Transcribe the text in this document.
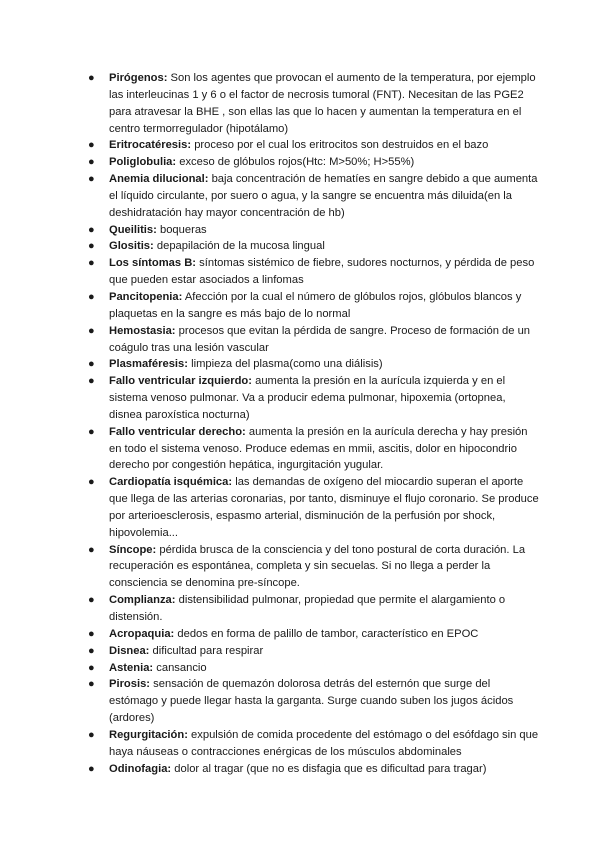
● Pirógenos: Son los agentes que provocan el aumento de la temperatura, por ejemplo las interleucinas 1 y 6 o el factor de necrosis tumoral (FNT). Necesitan de las PGE2 para atravesar la BHE , son ellas las que lo hacen y aumentan la temperatura en el centro termorregulador (hipotálamo)
● Eritrocatéresis: proceso por el cual los eritrocitos son destruidos en el bazo
● Poliglobulia: exceso de glóbulos rojos(Htc: M>50%; H>55%)
● Anemia dilucional: baja concentración de hematíes en sangre debido a que aumenta el líquido circulante, por suero o agua, y la sangre se encuentra más diluida(en la deshidratación hay mayor concentración de hb)
● Queilitis: boqueras
● Glositis: depapilación de la mucosa lingual
● Los síntomas B: síntomas sistémico de fiebre, sudores nocturnos, y pérdida de peso que pueden estar asociados a linfomas
● Pancitopenia: Afección por la cual el número de glóbulos rojos, glóbulos blancos y plaquetas en la sangre es más bajo de lo normal
● Hemostasia: procesos que evitan la pérdida de sangre. Proceso de formación de un coágulo tras una lesión vascular
● Plasmaféresis: limpieza del plasma(como una diálisis)
● Fallo ventricular izquierdo: aumenta la presión en la aurícula izquierda y en el sistema venoso pulmonar. Va a producir edema pulmonar, hipoxemia (ortopnea, disnea paroxística nocturna)
● Fallo ventricular derecho: aumenta la presión en la aurícula derecha y hay presión en todo el sistema venoso. Produce edemas en mmii, ascitis, dolor en hipocondrio derecho por congestión hepática, ingurgitación yugular.
● Cardiopatía isquémica: las demandas de oxígeno del miocardio superan el aporte que llega de las arterias coronarias, por tanto, disminuye el flujo coronario. Se produce por arterioesclerosis, espasmo arterial, disminución de la perfusión por shock, hipovolemia...
● Síncope: pérdida brusca de la consciencia y del tono postural de corta duración. La recuperación es espontánea, completa y sin secuelas. Si no llega a perder la consciencia se denomina pre-síncope.
● Complianza: distensibilidad pulmonar, propiedad que permite el alargamiento o distensión.
● Acropaquia: dedos en forma de palillo de tambor, característico en EPOC
● Disnea: dificultad para respirar
● Astenia: cansancio
● Pirosis: sensación de quemazón dolorosa detrás del esternón que surge del estómago y puede llegar hasta la garganta. Surge cuando suben los jugos ácidos (ardores)
● Regurgitación: expulsión de comida procedente del estómago o del esófdago sin que haya náuseas o contracciones enérgicas de los músculos abdominales
● Odinofagia: dolor al tragar (que no es disfagia que es dificultad para tragar)
